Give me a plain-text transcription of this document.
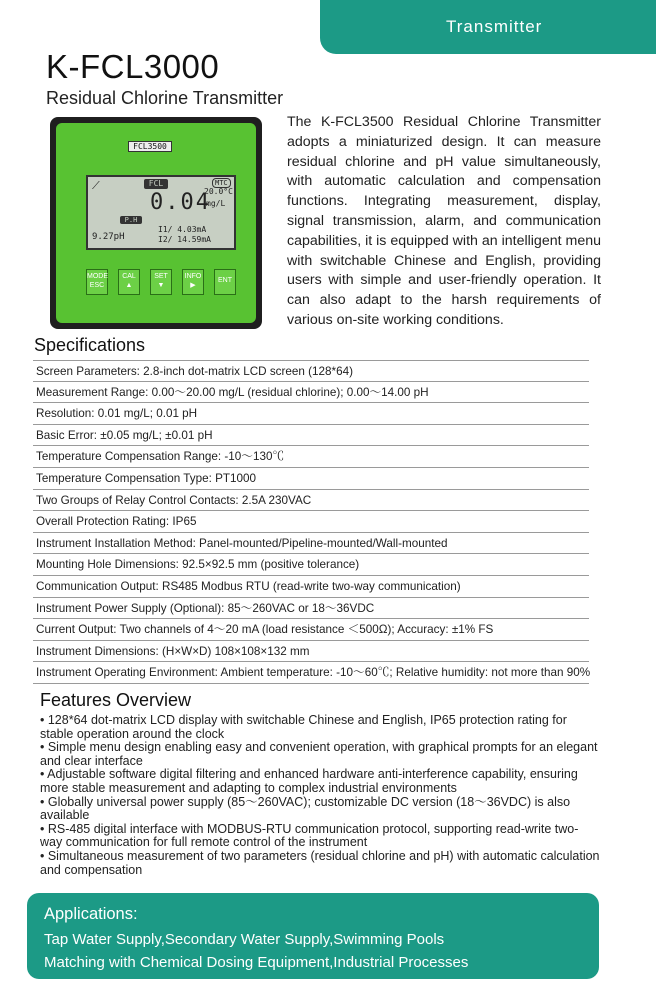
Transmitter
K-FCL3000
Residual Chlorine Transmitter
⟋	FCL	MTC
20.0°C
0.04
mg/L
P.H
9.27pH
I1/ 4.03mA
I2/ 14.59mA
MODE ESC
CAL
▲
SET
▼
INFO
▶
ENT
FCL3500
The K-FCL3500 Residual Chlorine Transmitter adopts a miniaturized design. It can measure residual chlorine and pH value simultaneously, with automatic calculation and compensation functions. Integrating measurement, display, signal transmission, alarm, and communication capabilities, it is equipped with an intelligent menu with switchable Chinese and English, providing users with simple and user-friendly operation. It can also adapt to the harsh requirements of various on-site working conditions.
Specifications
Screen Parameters: 2.8-inch dot-matrix LCD screen (128*64)
Measurement Range: 0.00～20.00 mg/L (residual chlorine); 0.00～14.00 pH
Resolution: 0.01 mg/L; 0.01 pH
Basic Error: ±0.05 mg/L; ±0.01 pH
Temperature Compensation Range: -10～130℃
Temperature Compensation Type: PT1000
Two Groups of Relay Control Contacts: 2.5A 230VAC
Overall Protection Rating: IP65
Instrument Installation Method: Panel-mounted/Pipeline-mounted/Wall-mounted
Mounting Hole Dimensions: 92.5×92.5 mm (positive tolerance)
Communication Output: RS485 Modbus RTU (read-write two-way communication)
Instrument Power Supply (Optional): 85～260VAC or 18～36VDC
Current Output: Two channels of 4～20 mA (load resistance ＜500Ω); Accuracy: ±1% FS
Instrument Dimensions: (H×W×D) 108×108×132 mm
Instrument Operating Environment: Ambient temperature: -10～60℃; Relative humidity: not more than 90%
Features Overview
• 128*64 dot-matrix LCD display with switchable Chinese and English, IP65 protection rating for stable operation around the clock
• Simple menu design enabling easy and convenient operation, with graphical prompts for an elegant and clear interface
• Adjustable software digital filtering and enhanced hardware anti-interference capability, ensuring more stable measurement and adapting to complex industrial environments
• Globally universal power supply (85～260VAC); customizable DC version (18～36VDC) is also available
• RS-485 digital interface with MODBUS-RTU communication protocol, supporting read-write two-way communication for full remote control of the instrument
• Simultaneous measurement of two parameters (residual chlorine and pH) with automatic calculation and compensation
Applications:
Tap Water Supply,Secondary Water Supply,Swimming Pools
Matching with Chemical Dosing Equipment,Industrial Processes
